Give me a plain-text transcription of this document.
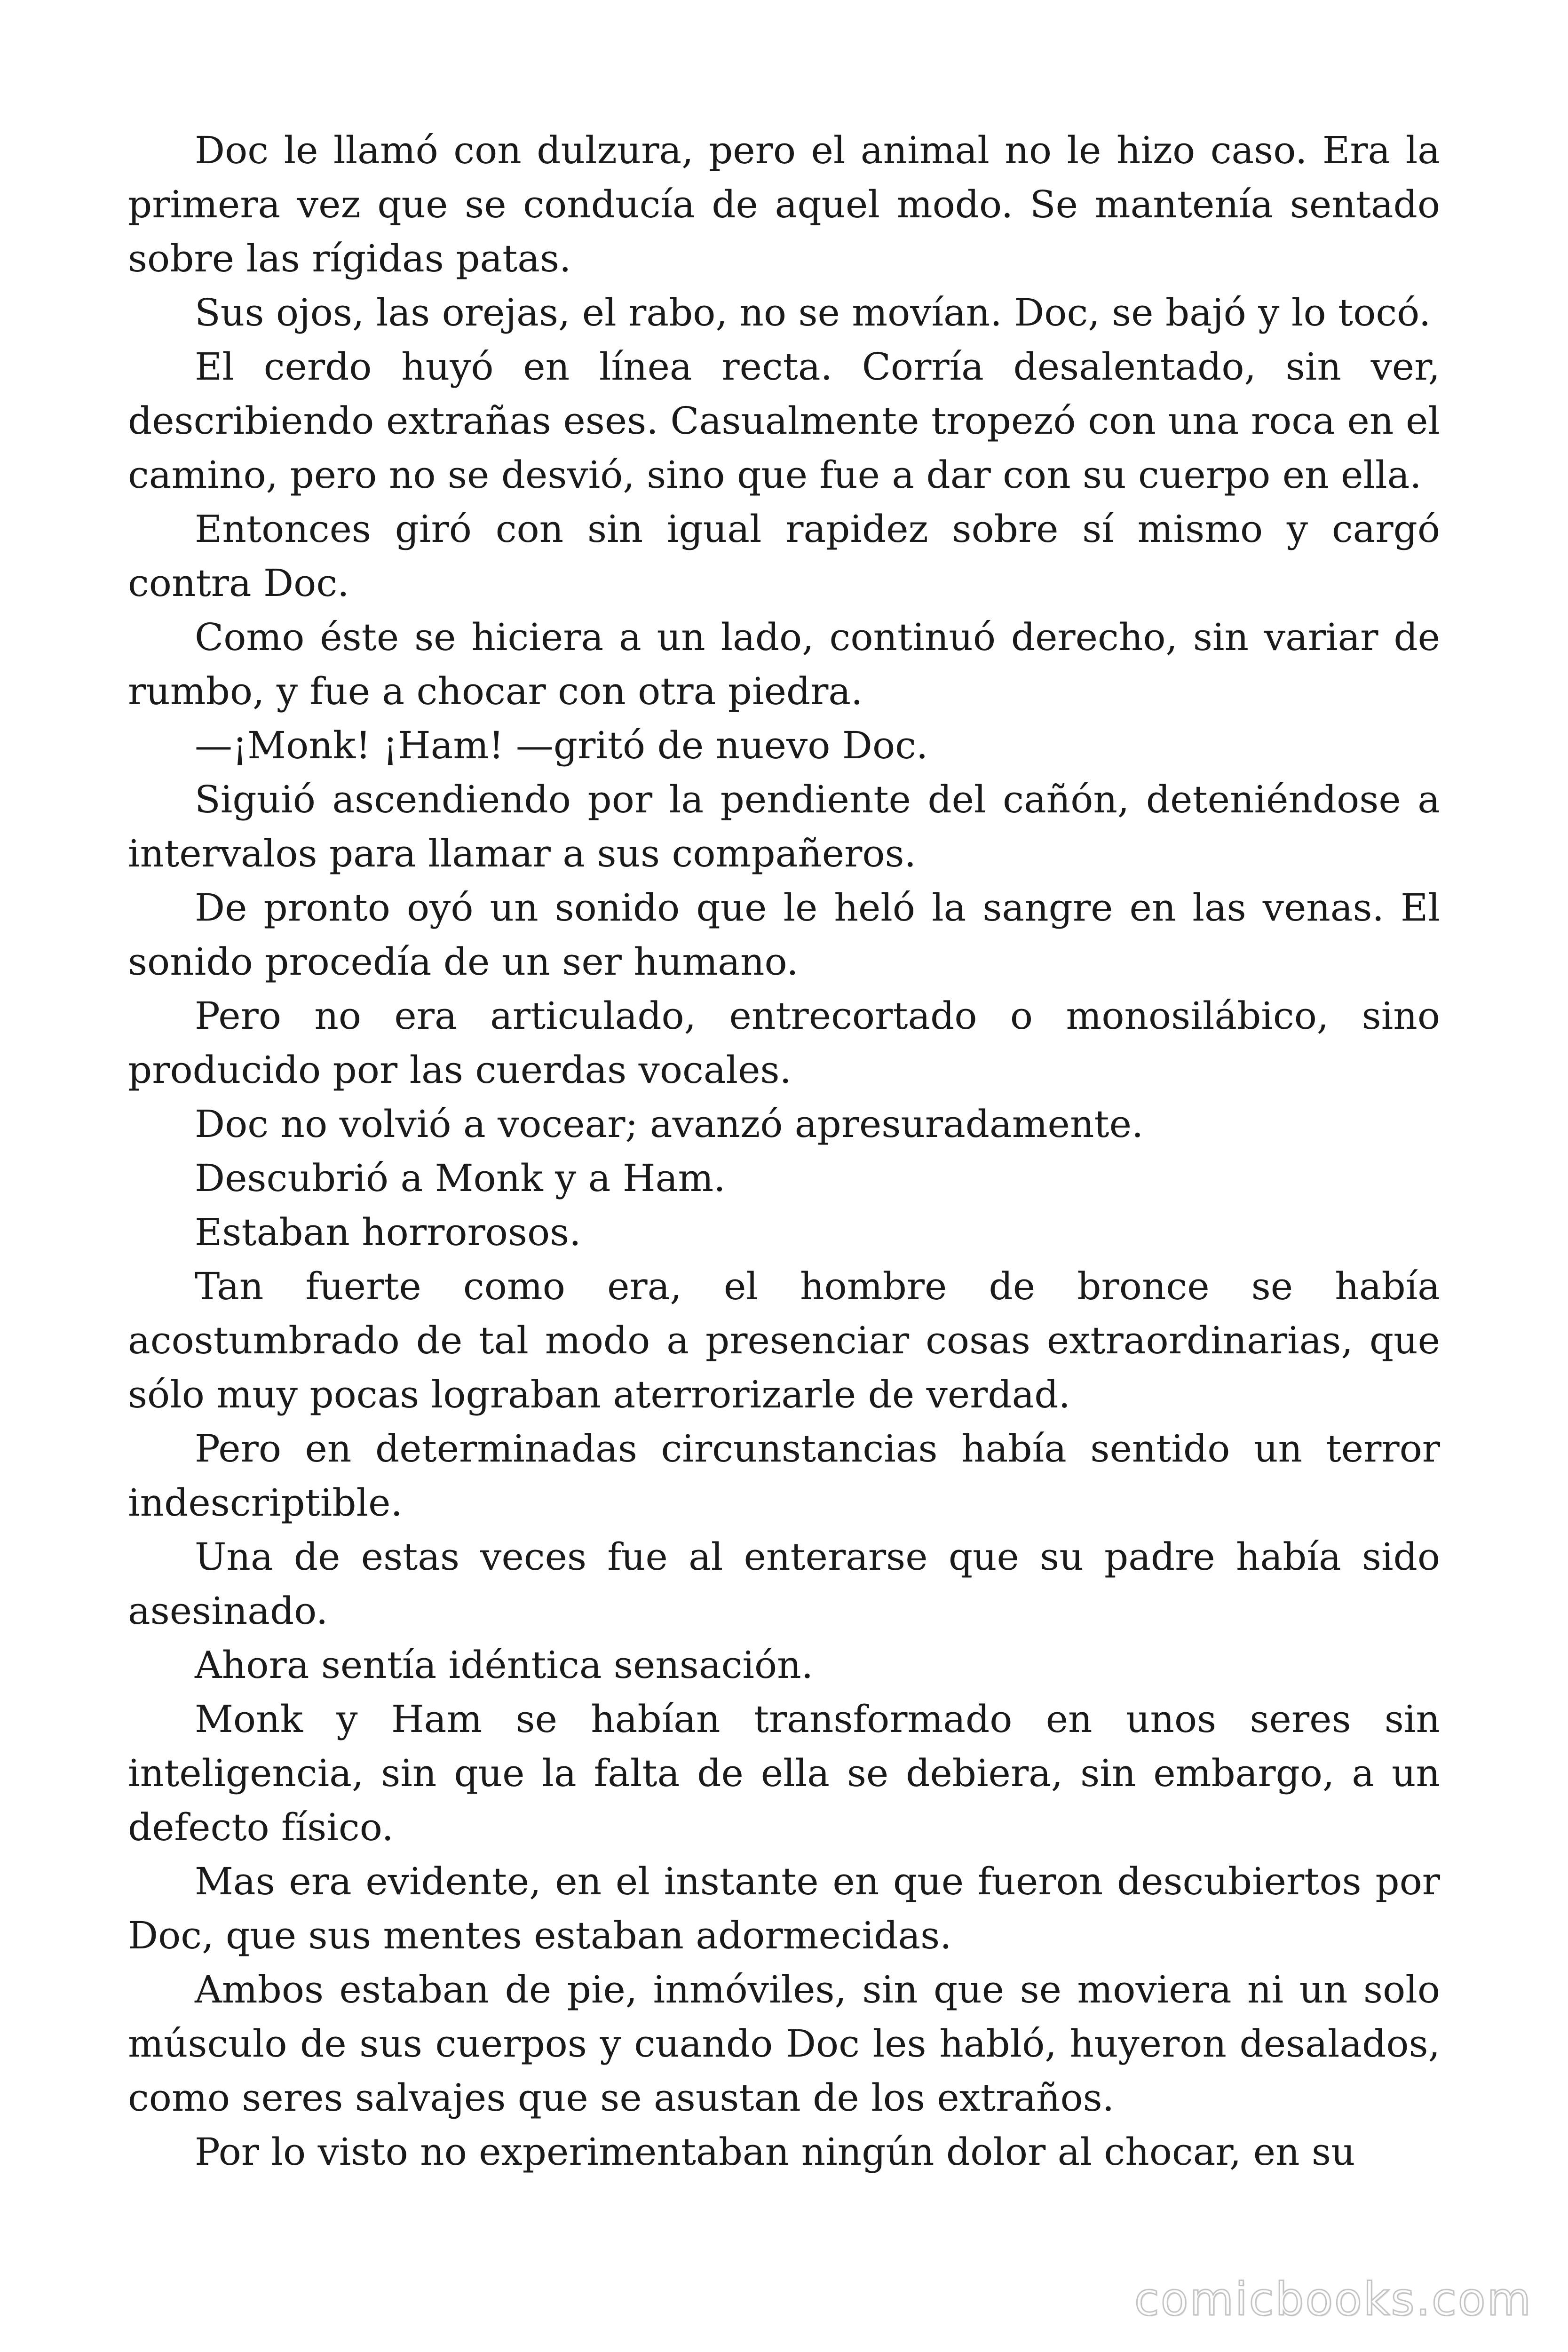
Doc le llamó con dulzura, pero el animal no le hizo caso. Era la primera vez que se conducía de aquel modo. Se mantenía sentado sobre las rígidas patas.

Sus ojos, las orejas, el rabo, no se movían. Doc, se bajó y lo tocó.

El cerdo huyó en línea recta. Corría desalentado, sin ver, describiendo extrañas eses. Casualmente tropezó con una roca en el camino, pero no se desvió, sino que fue a dar con su cuerpo en ella.

Entonces giró con sin igual rapidez sobre sí mismo y cargó contra Doc.

Como éste se hiciera a un lado, continuó derecho, sin variar de rumbo, y fue a chocar con otra piedra.

—¡Monk! ¡Ham! —gritó de nuevo Doc.

Siguió ascendiendo por la pendiente del cañón, deteniéndose a intervalos para llamar a sus compañeros.

De pronto oyó un sonido que le heló la sangre en las venas. El sonido procedía de un ser humano.

Pero no era articulado, entrecortado o monosilábico, sino producido por las cuerdas vocales.

Doc no volvió a vocear; avanzó apresuradamente.

Descubrió a Monk y a Ham.

Estaban horrorosos.

Tan fuerte como era, el hombre de bronce se había acostumbrado de tal modo a presenciar cosas extraordinarias, que sólo muy pocas lograban aterrorizarle de verdad.

Pero en determinadas circunstancias había sentido un terror indescriptible.

Una de estas veces fue al enterarse que su padre había sido asesinado.

Ahora sentía idéntica sensación.

Monk y Ham se habían transformado en unos seres sin inteligencia, sin que la falta de ella se debiera, sin embargo, a un defecto físico.

Mas era evidente, en el instante en que fueron descubiertos por Doc, que sus mentes estaban adormecidas.

Ambos estaban de pie, inmóviles, sin que se moviera ni un solo músculo de sus cuerpos y cuando Doc les habló, huyeron desalados, como seres salvajes que se asustan de los extraños.

Por lo visto no experimentaban ningún dolor al chocar, en su

comicbooks.com
